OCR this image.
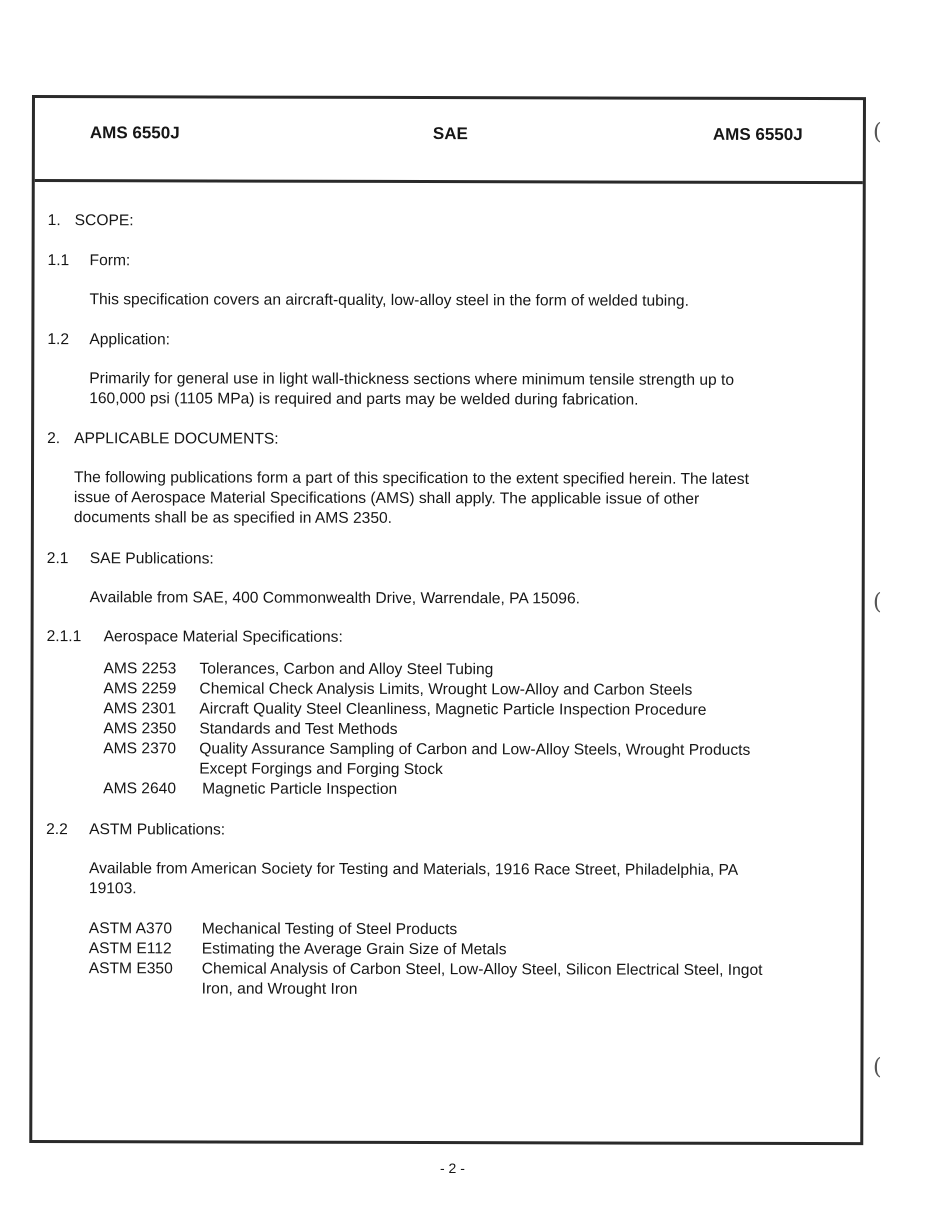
AMS 6550J	SAE	AMS 6550J
1. SCOPE:
1.1 Form:
This specification covers an aircraft-quality, low-alloy steel in the form of welded tubing.
1.2 Application:
Primarily for general use in light wall-thickness sections where minimum tensile strength up to
160,000 psi (1105 MPa) is required and parts may be welded during fabrication.
2. APPLICABLE DOCUMENTS:
The following publications form a part of this specification to the extent specified herein. The latest
issue of Aerospace Material Specifications (AMS) shall apply. The applicable issue of other
documents shall be as specified in AMS 2350.
2.1 SAE Publications:
Available from SAE, 400 Commonwealth Drive, Warrendale, PA 15096.
2.1.1 Aerospace Material Specifications:
AMS 2253 Tolerances, Carbon and Alloy Steel Tubing
AMS 2259 Chemical Check Analysis Limits, Wrought Low-Alloy and Carbon Steels
AMS 2301 Aircraft Quality Steel Cleanliness, Magnetic Particle Inspection Procedure
AMS 2350 Standards and Test Methods
AMS 2370 Quality Assurance Sampling of Carbon and Low-Alloy Steels, Wrought Products
Except Forgings and Forging Stock
AMS 2640 Magnetic Particle Inspection
2.2 ASTM Publications:
Available from American Society for Testing and Materials, 1916 Race Street, Philadelphia, PA
19103.
ASTM A370 Mechanical Testing of Steel Products
ASTM E112 Estimating the Average Grain Size of Metals
ASTM E350 Chemical Analysis of Carbon Steel, Low-Alloy Steel, Silicon Electrical Steel, Ingot
Iron, and Wrought Iron
(
(
(
- 2 -
